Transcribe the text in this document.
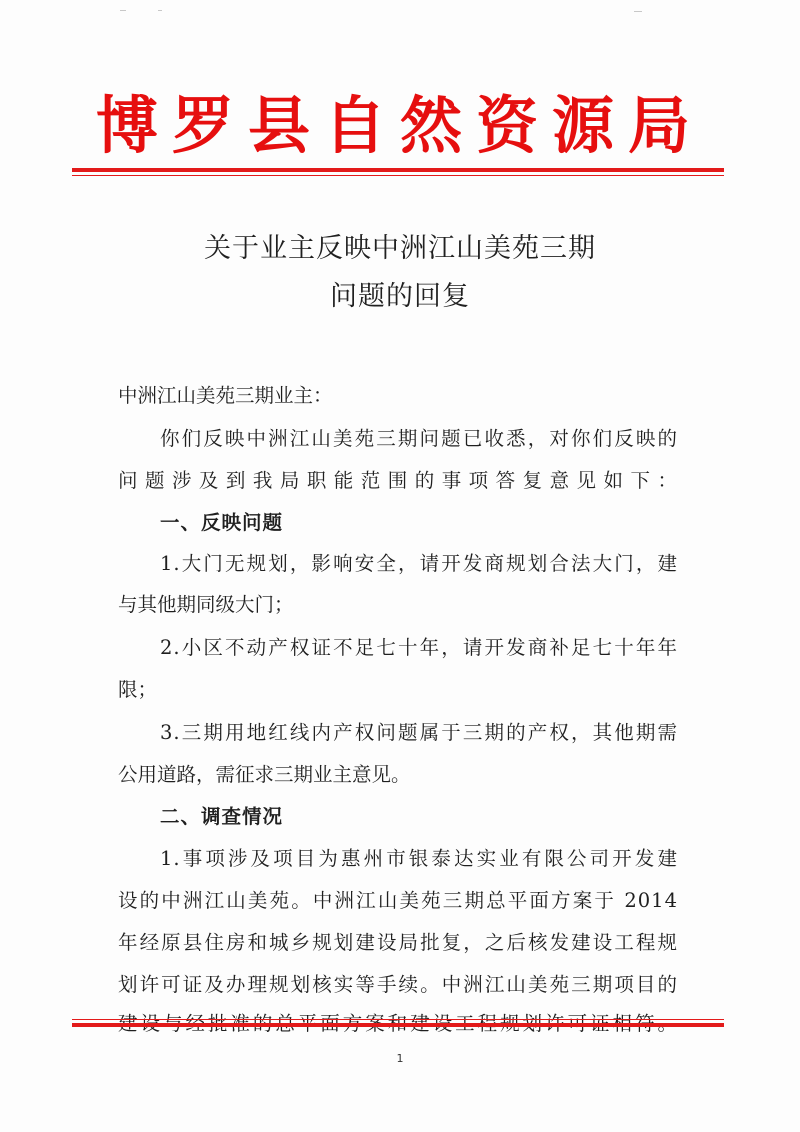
博罗县自然资源局
关于业主反映中洲江山美苑三期
问题的回复
中洲江山美苑三期业主：
你们反映中洲江山美苑三期问题已收悉，对你们反映的
问题涉及到我局职能范围的事项答复意见如下：
一、反映问题
1.大门无规划，影响安全，请开发商规划合法大门，建
与其他期同级大门；
2.小区不动产权证不足七十年，请开发商补足七十年年
限；
3.三期用地红线内产权问题属于三期的产权，其他期需
公用道路，需征求三期业主意见。
二、调查情况
1.事项涉及项目为惠州市银泰达实业有限公司开发建
设的中洲江山美苑。中洲江山美苑三期总平面方案于 2014
年经原县住房和城乡规划建设局批复，之后核发建设工程规
划许可证及办理规划核实等手续。中洲江山美苑三期项目的
1
